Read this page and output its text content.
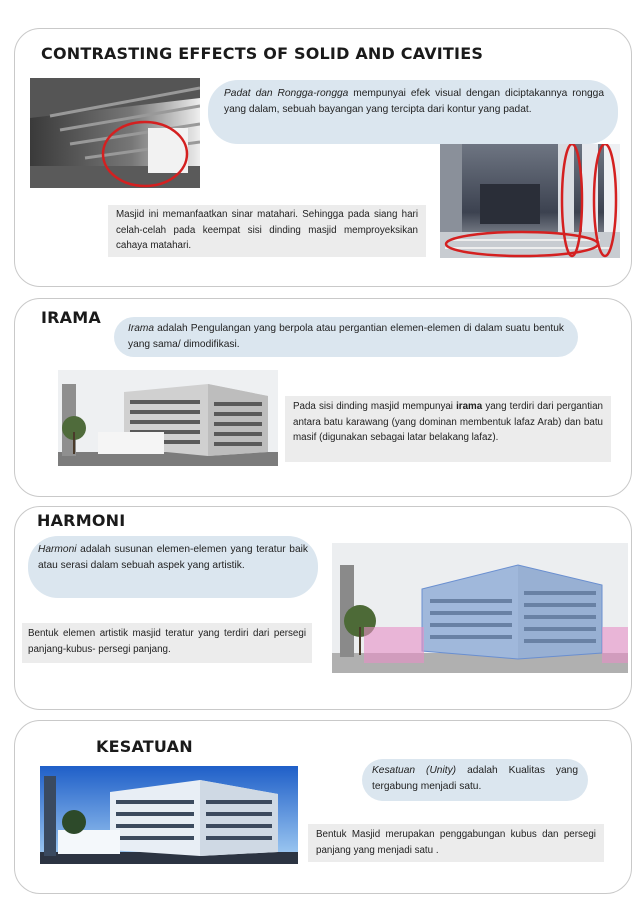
CONTRASTING EFFECTS OF SOLID AND CAVITIES
Padat dan Rongga-rongga mempunyai efek visual dengan diciptakannya rongga yang dalam, sebuah bayangan yang tercipta dari kontur yang padat.
Masjid ini memanfaatkan sinar matahari. Sehingga pada siang hari celah-celah pada keempat sisi dinding masjid memproyeksikan cahaya matahari.
IRAMA
Irama adalah Pengulangan yang berpola atau pergantian elemen-elemen di dalam suatu bentuk yang sama/ dimodifikasi.
Pada sisi dinding masjid mempunyai irama yang terdiri dari pergantian antara batu karawang (yang dominan membentuk lafaz Arab) dan batu masif (digunakan sebagai latar belakang lafaz).
HARMONI
Harmoni adalah susunan elemen-elemen yang teratur baik atau serasi dalam sebuah aspek yang artistik.
Bentuk elemen artistik masjid teratur yang terdiri dari persegi panjang-kubus- persegi panjang.
KESATUAN
Kesatuan (Unity) adalah Kualitas yang tergabung menjadi satu.
Bentuk Masjid merupakan penggabungan kubus dan persegi panjang yang menjadi satu .
